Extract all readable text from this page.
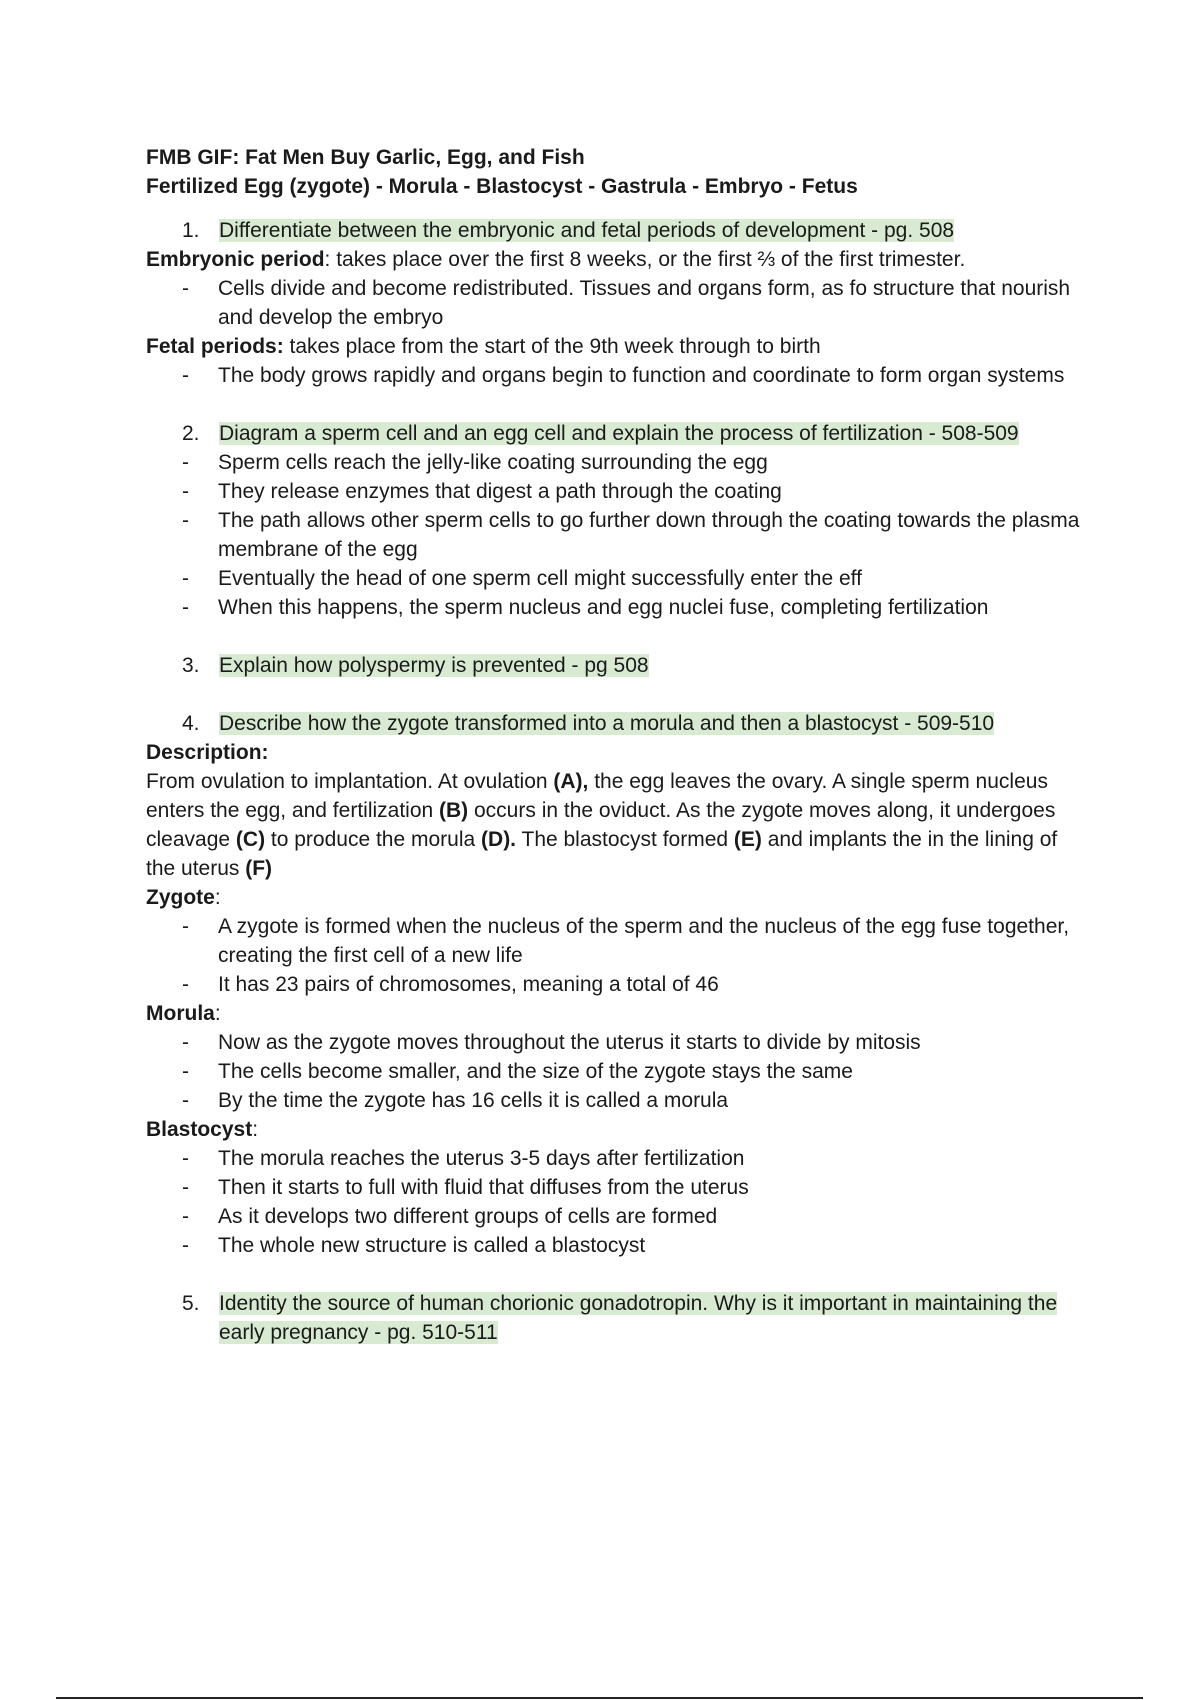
FMB GIF: Fat Men Buy Garlic, Egg, and Fish
Fertilized Egg (zygote) - Morula - Blastocyst - Gastrula - Embryo - Fetus
1. Differentiate between the embryonic and fetal periods of development - pg. 508
Embryonic period: takes place over the first 8 weeks, or the first ⅔ of the first trimester.
- Cells divide and become redistributed. Tissues and organs form, as fo structure that nourish and develop the embryo
Fetal periods: takes place from the start of the 9th week through to birth
- The body grows rapidly and organs begin to function and coordinate to form organ systems
2. Diagram a sperm cell and an egg cell and explain the process of fertilization - 508-509
- Sperm cells reach the jelly-like coating surrounding the egg
- They release enzymes that digest a path through the coating
- The path allows other sperm cells to go further down through the coating towards the plasma membrane of the egg
- Eventually the head of one sperm cell might successfully enter the eff
- When this happens, the sperm nucleus and egg nuclei fuse, completing fertilization
3. Explain how polyspermy is prevented - pg 508
4. Describe how the zygote transformed into a morula and then a blastocyst - 509-510
Description:
From ovulation to implantation. At ovulation (A), the egg leaves the ovary. A single sperm nucleus enters the egg, and fertilization (B) occurs in the oviduct. As the zygote moves along, it undergoes cleavage (C) to produce the morula (D). The blastocyst formed (E) and implants the in the lining of the uterus (F)
Zygote:
- A zygote is formed when the nucleus of the sperm and the nucleus of the egg fuse together, creating the first cell of a new life
- It has 23 pairs of chromosomes, meaning a total of 46
Morula:
- Now as the zygote moves throughout the uterus it starts to divide by mitosis
- The cells become smaller, and the size of the zygote stays the same
- By the time the zygote has 16 cells it is called a morula
Blastocyst:
- The morula reaches the uterus 3-5 days after fertilization
- Then it starts to full with fluid that diffuses from the uterus
- As it develops two different groups of cells are formed
- The whole new structure is called a blastocyst
5. Identity the source of human chorionic gonadotropin. Why is it important in maintaining the early pregnancy - pg. 510-511
